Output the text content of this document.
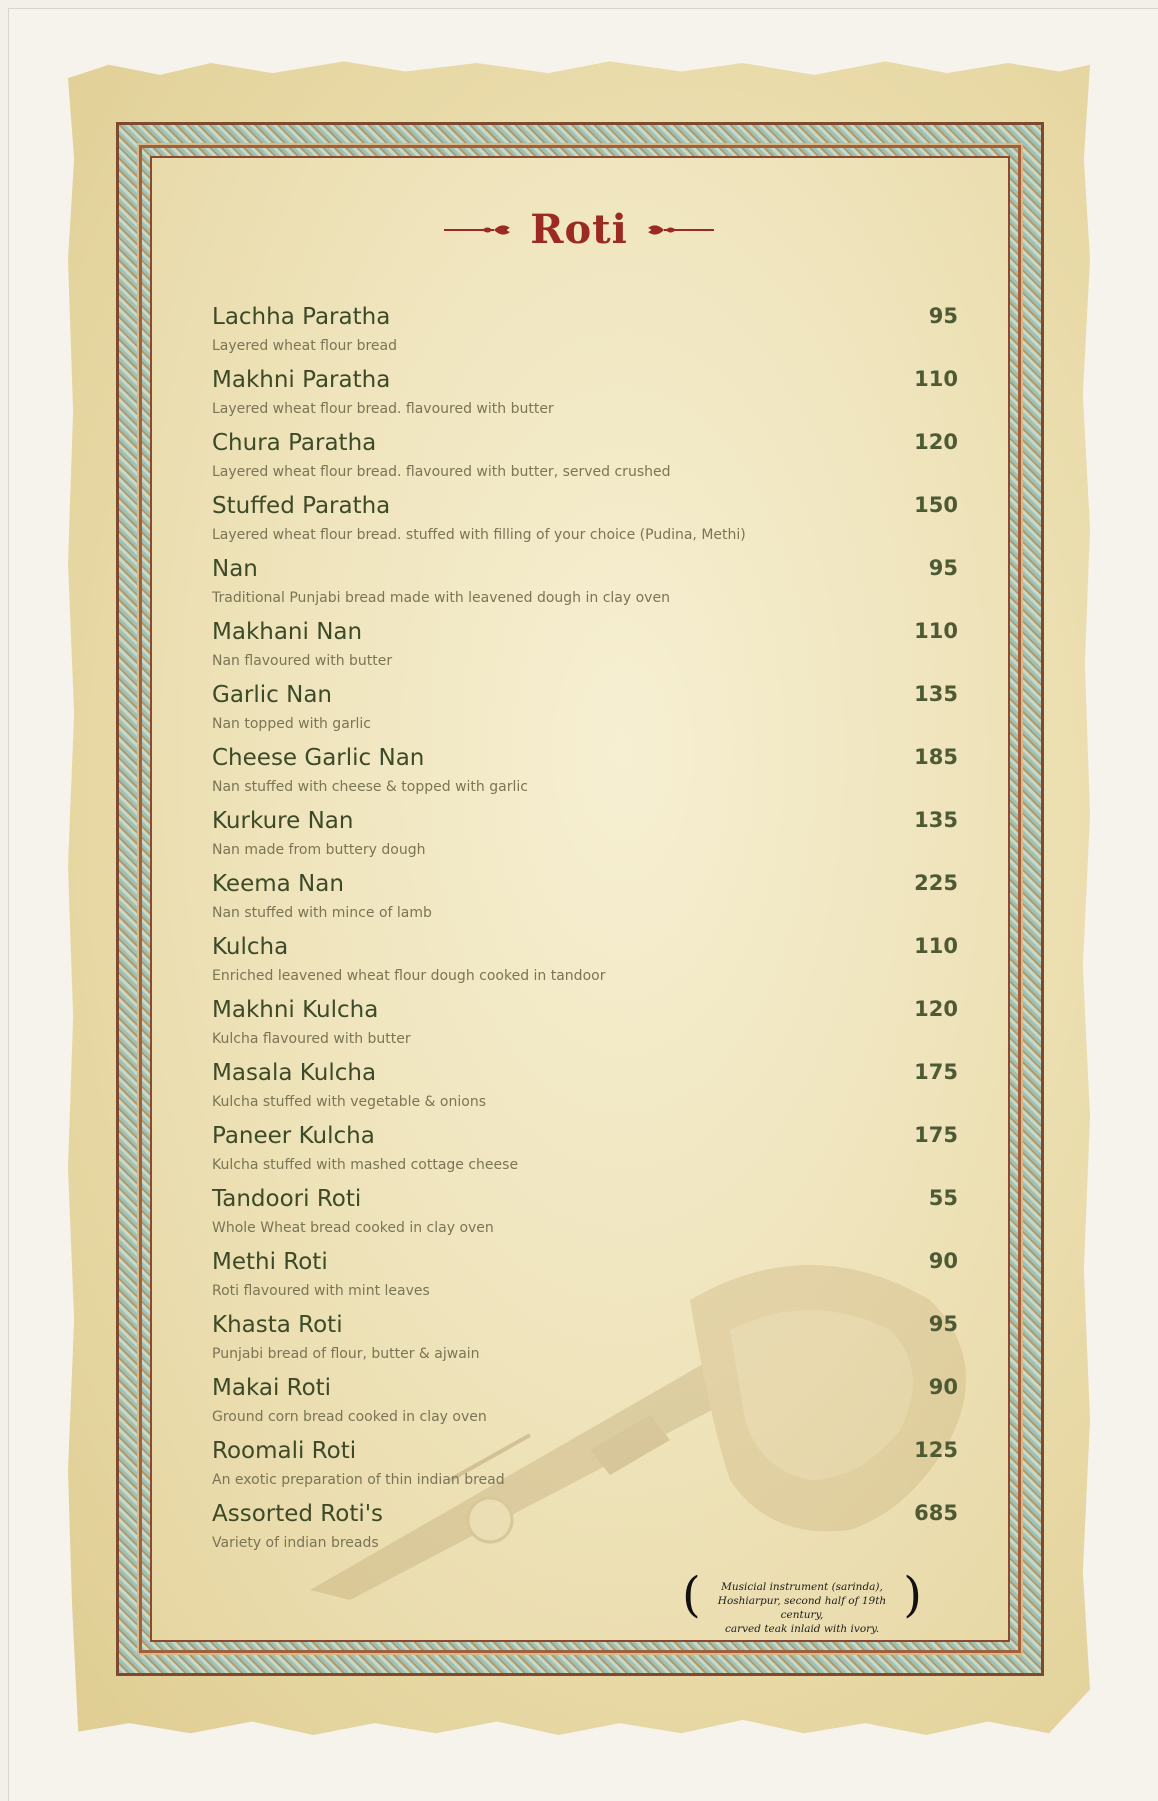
Roti
Lachha Paratha	95
Layered wheat flour bread
Makhni Paratha	110
Layered wheat flour bread. flavoured with butter
Chura Paratha	120
Layered wheat flour bread. flavoured with butter, served crushed
Stuffed Paratha	150
Layered wheat flour bread. stuffed with filling of your choice (Pudina, Methi)
Nan	95
Traditional Punjabi bread made with leavened dough in clay oven
Makhani Nan	110
Nan flavoured with butter
Garlic Nan	135
Nan topped with garlic
Cheese Garlic Nan	185
Nan stuffed with cheese & topped with garlic
Kurkure Nan	135
Nan made from buttery dough
Keema Nan	225
Nan stuffed with mince of lamb
Kulcha	110
Enriched leavened wheat flour dough cooked in tandoor
Makhni Kulcha	120
Kulcha flavoured with butter
Masala Kulcha	175
Kulcha stuffed with vegetable & onions
Paneer Kulcha	175
Kulcha stuffed with mashed cottage cheese
Tandoori Roti	55
Whole Wheat bread cooked in clay oven
Methi Roti	90
Roti flavoured with mint leaves
Khasta Roti	95
Punjabi bread of flour, butter & ajwain
Makai Roti	90
Ground corn bread cooked in clay oven
Roomali Roti	125
An exotic preparation of thin indian bread
Assorted Roti's	685
Variety of indian breads
(	)
Musicial instrument (sarinda),
Hoshiarpur, second half of 19th century,
carved teak inlaid with ivory.
